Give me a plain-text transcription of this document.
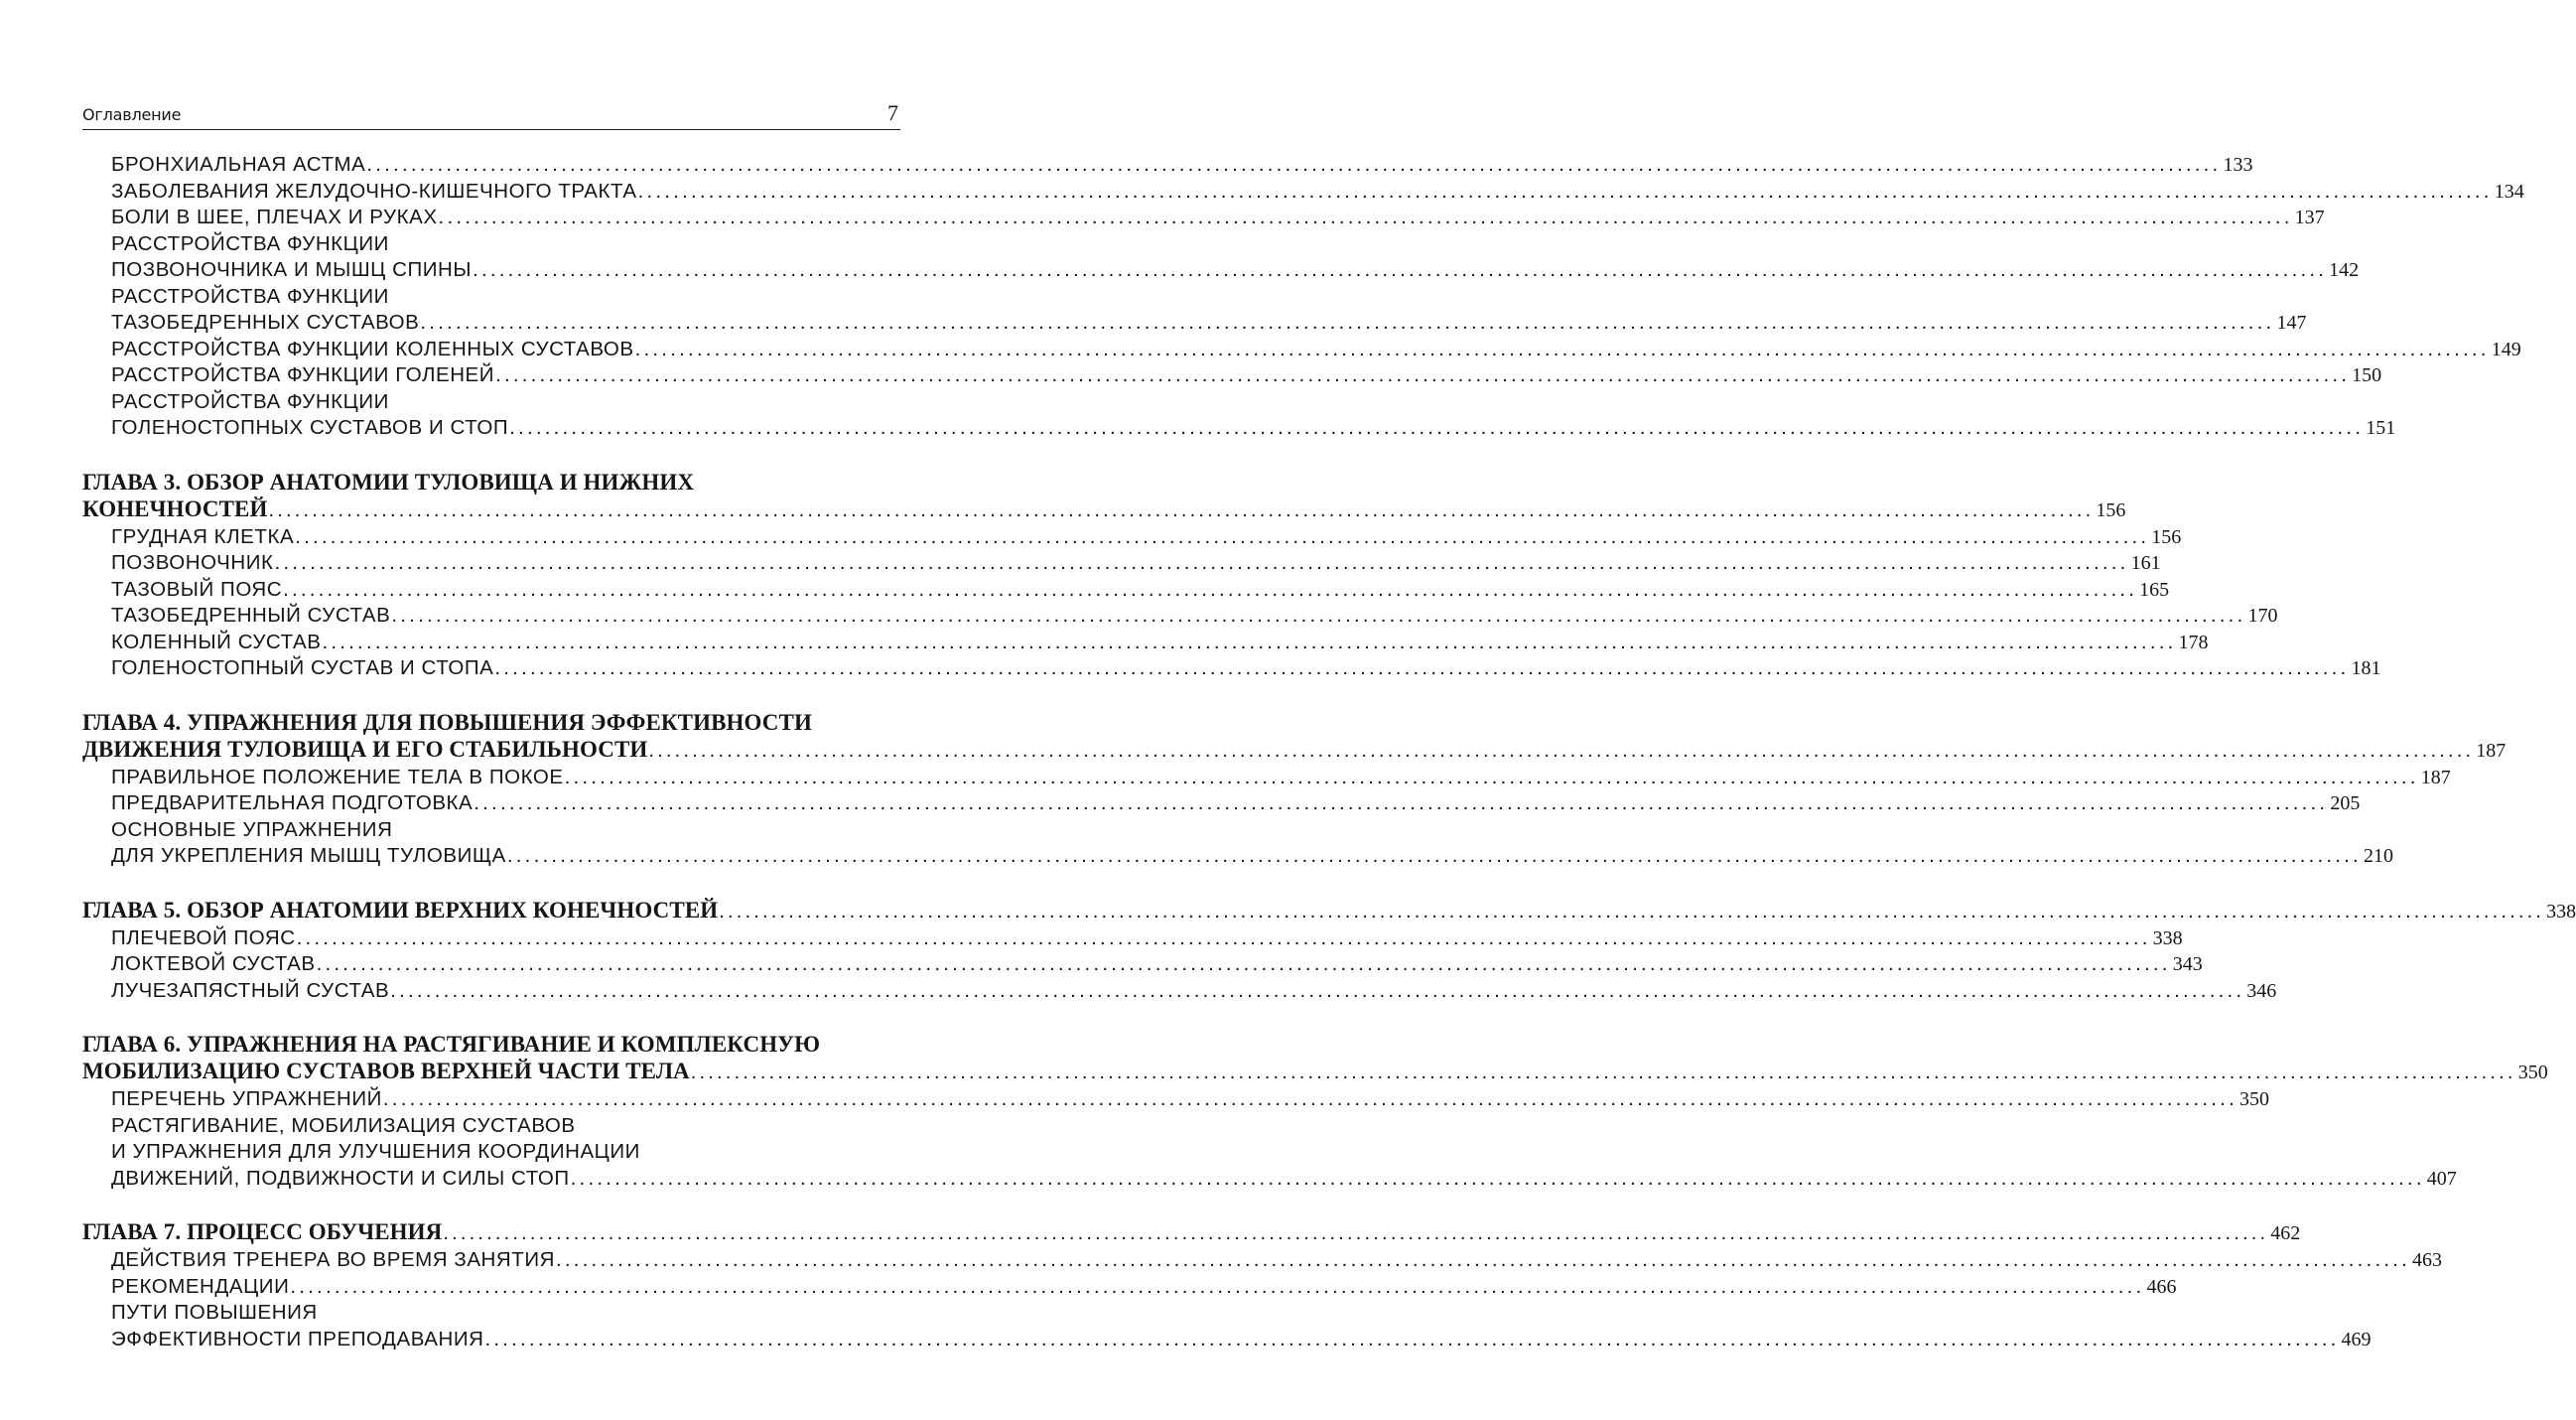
Оглавление	7
БРОНХИАЛЬНАЯ АСТМА .....	133
ЗАБОЛЕВАНИЯ ЖЕЛУДОЧНО-КИШЕЧНОГО ТРАКТА .....	134
БОЛИ В ШЕЕ, ПЛЕЧАХ И РУКАХ .....	137
РАССТРОЙСТВА ФУНКЦИИ
ПОЗВОНОЧНИКА И МЫШЦ СПИНЫ .....	142
РАССТРОЙСТВА ФУНКЦИИ
ТАЗОБЕДРЕННЫХ СУСТАВОВ .....	147
РАССТРОЙСТВА ФУНКЦИИ КОЛЕННЫХ СУСТАВОВ .....	149
РАССТРОЙСТВА ФУНКЦИИ ГОЛЕНЕЙ .....	150
РАССТРОЙСТВА ФУНКЦИИ
ГОЛЕНОСТОПНЫХ СУСТАВОВ И СТОП .....	151
ГЛАВА 3. ОБЗОР АНАТОМИИ ТУЛОВИЩА И НИЖНИХ
КОНЕЧНОСТЕЙ .....	156
ГРУДНАЯ КЛЕТКА .....	156
ПОЗВОНОЧНИК .....	161
ТАЗОВЫЙ ПОЯС .....	165
ТАЗОБЕДРЕННЫЙ СУСТАВ .....	170
КОЛЕННЫЙ СУСТАВ .....	178
ГОЛЕНОСТОПНЫЙ СУСТАВ И СТОПА .....	181
ГЛАВА 4. УПРАЖНЕНИЯ ДЛЯ ПОВЫШЕНИЯ ЭФФЕКТИВНОСТИ
ДВИЖЕНИЯ ТУЛОВИЩА И ЕГО СТАБИЛЬНОСТИ .....	187
ПРАВИЛЬНОЕ ПОЛОЖЕНИЕ ТЕЛА В ПОКОЕ .....	187
ПРЕДВАРИТЕЛЬНАЯ ПОДГОТОВКА .....	205
ОСНОВНЫЕ УПРАЖНЕНИЯ
ДЛЯ УКРЕПЛЕНИЯ МЫШЦ ТУЛОВИЩА .....	210
ГЛАВА 5. ОБЗОР АНАТОМИИ ВЕРХНИХ КОНЕЧНОСТЕЙ .....	338
ПЛЕЧЕВОЙ ПОЯС .....	338
ЛОКТЕВОЙ СУСТАВ .....	343
ЛУЧЕЗАПЯСТНЫЙ СУСТАВ .....	346
ГЛАВА 6. УПРАЖНЕНИЯ НА РАСТЯГИВАНИЕ И КОМПЛЕКСНУЮ
МОБИЛИЗАЦИЮ СУСТАВОВ ВЕРХНЕЙ ЧАСТИ ТЕЛА .....	350
ПЕРЕЧЕНЬ УПРАЖНЕНИЙ .....	350
РАСТЯГИВАНИЕ, МОБИЛИЗАЦИЯ СУСТАВОВ
И УПРАЖНЕНИЯ ДЛЯ УЛУЧШЕНИЯ КООРДИНАЦИИ
ДВИЖЕНИЙ, ПОДВИЖНОСТИ И СИЛЫ СТОП .....	407
ГЛАВА 7. ПРОЦЕСС ОБУЧЕНИЯ .....	462
ДЕЙСТВИЯ ТРЕНЕРА ВО ВРЕМЯ ЗАНЯТИЯ .....	463
РЕКОМЕНДАЦИИ .....	466
ПУТИ ПОВЫШЕНИЯ
ЭФФЕКТИВНОСТИ ПРЕПОДАВАНИЯ .....	469
